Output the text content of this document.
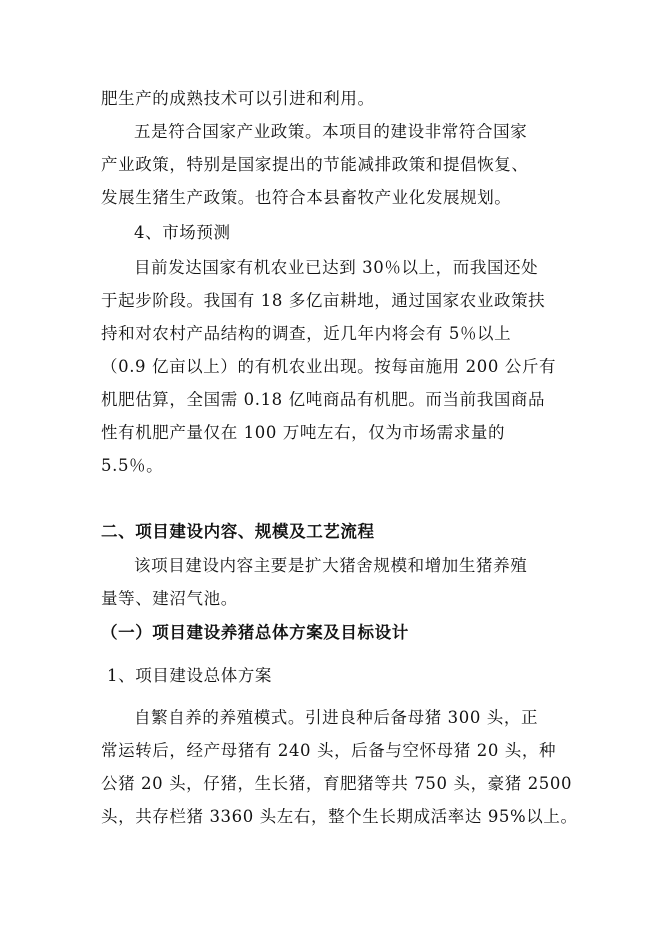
肥生产的成熟技术可以引进和利用。
五是符合国家产业政策。本项目的建设非常符合国家
产业政策，特别是国家提出的节能减排政策和提倡恢复、
发展生猪生产政策。也符合本县畜牧产业化发展规划。
4、市场预测
目前发达国家有机农业已达到 30％以上，而我国还处
于起步阶段。我国有 18 多亿亩耕地，通过国家农业政策扶
持和对农村产品结构的调查，近几年内将会有 5％以上
（0.9 亿亩以上）的有机农业出现。按每亩施用 200 公斤有
机肥估算，全国需 0.18 亿吨商品有机肥。而当前我国商品
性有机肥产量仅在 100 万吨左右，仅为市场需求量的
5.5％。
二、项目建设内容、规模及工艺流程
该项目建设内容主要是扩大猪舍规模和增加生猪养殖
量等、建沼气池。
（一）项目建设养猪总体方案及目标设计
1、项目建设总体方案
自繁自养的养殖模式。引进良种后备母猪 300 头，正
常运转后，经产母猪有 240 头，后备与空怀母猪 20 头，种
公猪 20 头，仔猪，生长猪，育肥猪等共 750 头，豪猪 2500
头，共存栏猪 3360 头左右，整个生长期成活率达 95%以上。
